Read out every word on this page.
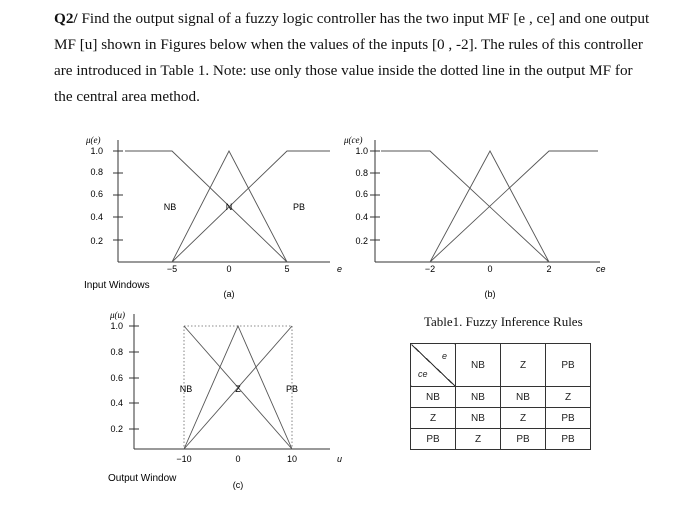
Q2/ Find the output signal of a fuzzy logic controller has the two input MF [e , ce] and one output MF [u] shown in Figures below when the values of the inputs [0 , -2]. The rules of this controller are introduced in Table 1. Note: use only those value inside the dotted line in the output MF for the central area method.

μ(e)
1.0
0.8
0.6
0.4
0.2
−5	0	5	e
NB	N	PB
Input Windows
(a)
μ(ce)
1.0
0.8
0.6
0.4
0.2
−2	0	2	ce
(b)
μ(u)
1.0
0.8
0.6
0.4
0.2
−10	0	10	u
NB	Z	PB
Output Window
(c)
Table1. Fuzzy Inference Rules
e
ce	NB	Z	PB
NB	NB	NB	Z
Z	NB	Z	PB
PB	Z	PB	PB
